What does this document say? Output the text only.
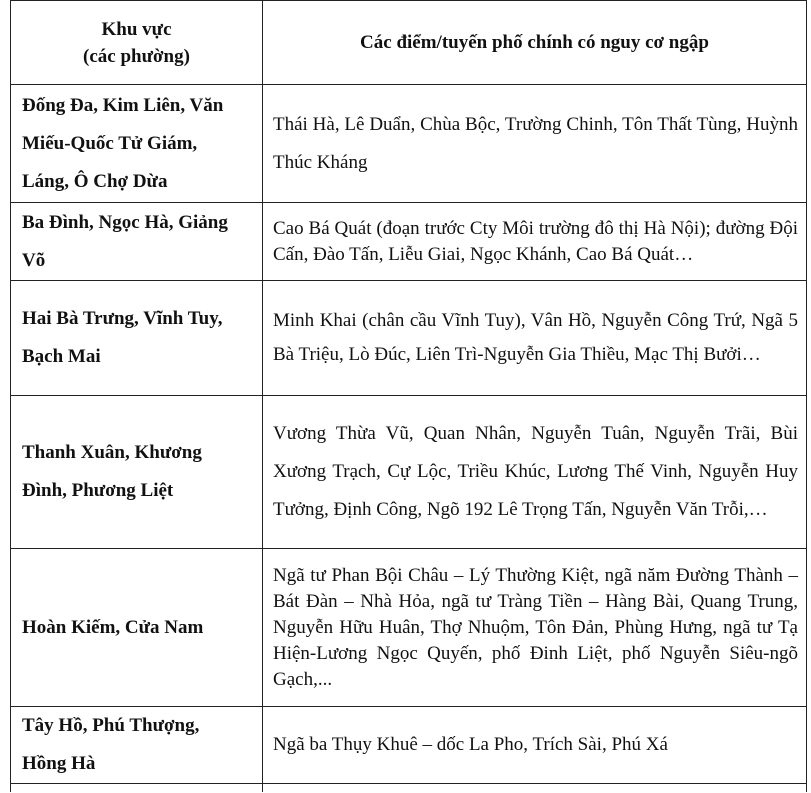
Khu vực
(các phường)	Các điểm/tuyến phố chính có nguy cơ ngập

Đống Đa, Kim Liên, Văn
Miếu-Quốc Tử Giám,
Láng, Ô Chợ Dừa	Thái Hà, Lê Duẩn, Chùa Bộc, Trường Chinh, Tôn Thất Tùng, Huỳnh Thúc Kháng

Ba Đình, Ngọc Hà, Giảng
Võ	Cao Bá Quát (đoạn trước Cty Môi trường đô thị Hà Nội); đường Đội Cấn, Đào Tấn, Liễu Giai, Ngọc Khánh, Cao Bá Quát…

Hai Bà Trưng, Vĩnh Tuy,
Bạch Mai	Minh Khai (chân cầu Vĩnh Tuy), Vân Hồ, Nguyễn Công Trứ, Ngã 5 Bà Triệu, Lò Đúc, Liên Trì-Nguyễn Gia Thiều, Mạc Thị Bưởi…

Thanh Xuân, Khương
Đình, Phương Liệt	Vương Thừa Vũ, Quan Nhân, Nguyễn Tuân, Nguyễn Trãi, Bùi Xương Trạch, Cự Lộc, Triều Khúc, Lương Thế Vinh, Nguyễn Huy Tưởng, Định Công, Ngõ 192 Lê Trọng Tấn, Nguyễn Văn Trỗi,…

Hoàn Kiếm, Cửa Nam	Ngã tư Phan Bội Châu – Lý Thường Kiệt, ngã năm Đường Thành – Bát Đàn – Nhà Hỏa, ngã tư Tràng Tiền – Hàng Bài, Quang Trung, Nguyễn Hữu Huân, Thợ Nhuộm, Tôn Đản, Phùng Hưng, ngã tư Tạ Hiện-Lương Ngọc Quyến, phố Đinh Liệt, phố Nguyễn Siêu-ngõ Gạch,...

Tây Hồ, Phú Thượng,
Hồng Hà	Ngã ba Thụy Khuê – dốc La Pho, Trích Sài, Phú Xá
